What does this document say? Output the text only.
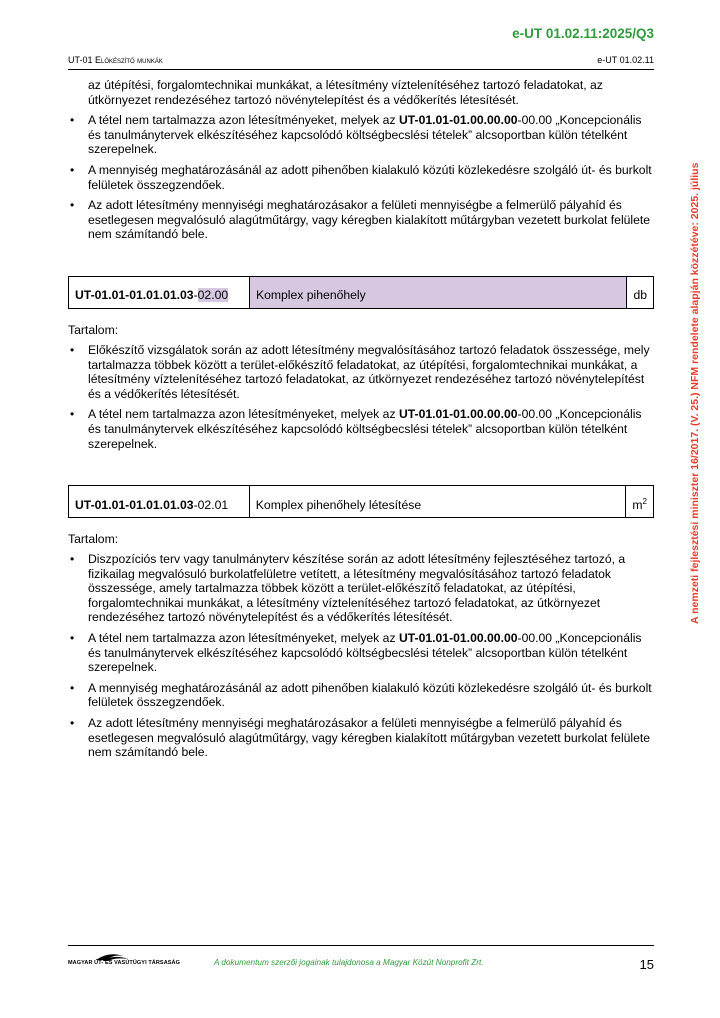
e-UT 01.02.11:2025/Q3
UT-01 Előkészítő munkák	e-UT 01.02.11
A nemzeti fejlesztési miniszter 16/2017. (V. 25.) NFM rendelete alapján közzétéve: 2025. július

az útépítési, forgalomtechnikai munkákat, a létesítmény víztelenítéséhez tartozó feladatokat, az útkörnyezet rendezéséhez tartozó növénytelepítést és a védőkerítés létesítését.

• A tétel nem tartalmazza azon létesítményeket, melyek az UT-01.01-01.00.00.00-00.00 „Koncepcionális és tanulmánytervek elkészítéséhez kapcsolódó költségbecslési tételek” alcsoportban külön tételként szerepelnek.
• A mennyiség meghatározásánál az adott pihenőben kialakuló közúti közlekedésre szolgáló út- és burkolt felületek összegzendőek.
• Az adott létesítmény mennyiségi meghatározásakor a felületi mennyiségbe a felmerülő pályahíd és esetlegesen megvalósuló alagútműtárgy, vagy kéregben kialakított műtárgyban vezetett burkolat felülete nem számítandó bele.
UT-01.01-01.01.01.03-02.00	Komplex pihenőhely	db

Tartalom:

• Előkészítő vizsgálatok során az adott létesítmény megvalósításához tartozó feladatok összessége, mely tartalmazza többek között a terület-előkészítő feladatokat, az útépítési, forgalomtechnikai munkákat, a létesítmény víztelenítéséhez tartozó feladatokat, az útkörnyezet rendezéséhez tartozó növénytelepítést és a védőkerítés létesítését.
• A tétel nem tartalmazza azon létesítményeket, melyek az UT-01.01-01.00.00.00-00.00 „Koncepcionális és tanulmánytervek elkészítéséhez kapcsolódó költségbecslési tételek” alcsoportban külön tételként szerepelnek.
UT-01.01-01.01.01.03-02.01	Komplex pihenőhely létesítése	$m^2$

Tartalom:

• Diszpozíciós terv vagy tanulmányterv készítése során az adott létesítmény fejlesztéséhez tartozó, a fizikailag megvalósuló burkolatfelületre vetített, a létesítmény megvalósításához tartozó feladatok összessége, amely tartalmazza többek között a terület-előkészítő feladatokat, az útépítési, forgalomtechnikai munkákat, a létesítmény víztelenítéséhez tartozó feladatokat, az útkörnyezet rendezéséhez tartozó növénytelepítést és a védőkerítés létesítését.
• A tétel nem tartalmazza azon létesítményeket, melyek az UT-01.01-01.00.00.00-00.00 „Koncepcionális és tanulmánytervek elkészítéséhez kapcsolódó költségbecslési tételek” alcsoportban külön tételként szerepelnek.
• A mennyiség meghatározásánál az adott pihenőben kialakuló közúti közlekedésre szolgáló út- és burkolt felületek összegzendőek.
• Az adott létesítmény mennyiségi meghatározásakor a felületi mennyiségbe a felmerülő pályahíd és esetlegesen megvalósuló alagútműtárgy, vagy kéregben kialakított műtárgyban vezetett burkolat felülete nem számítandó bele.
MAGYAR ÚT- ÉS VASÚTÜGYI TÁRSASÁG	A dokumentum szerzői jogainak tulajdonosa a Magyar Közút Nonprofit Zrt.	15
